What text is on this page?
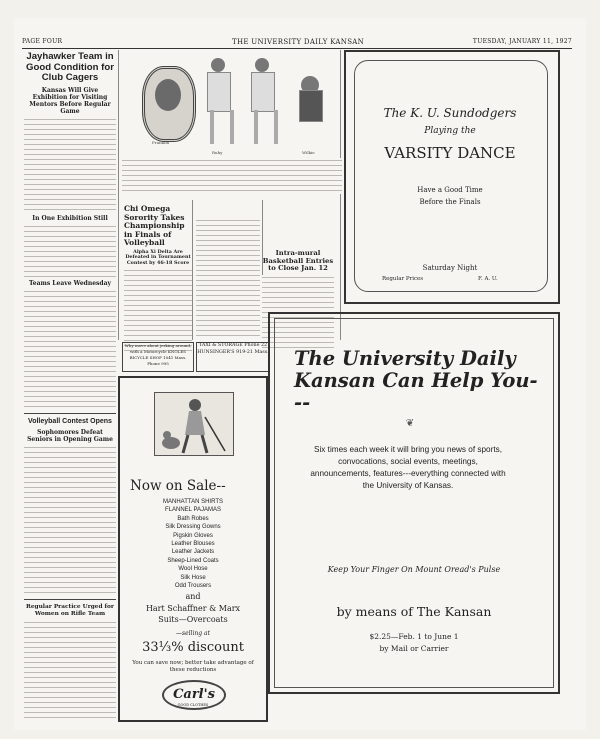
PAGE FOUR	THE UNIVERSITY DAILY KANSAN	TUESDAY, JANUARY 11, 1927
Jayhawker Team in Good Condition for Club Cagers
Kansas Will Give Exhibition for Visiting Mentors Before Regular Game
In One Exhibition Still
Teams Leave Wednesday
Volleyball Contest Opens
Sophomores Defeat Seniors in Opening Game
Regular Practice Urged for Women on Rifle Team
Franklin
Ruby	Wilkie
Chi Omega Sorority Takes Championship in Finals of Volleyball
Alpha Xi Delta Are Defeated in Tournament Contest by 46-18 Score
Intra-mural Basketball Entries to Close Jan. 12
Why move about jerking around, with a Motorcycle KNOLES BICYCLE SHOP 1041 Mass. Phone 995
TAXI & STORAGE Phone 22 HUNSINGER'S 919-21 Mass.
Now on Sale--
MANHATTAN SHIRTS
FLANNEL PAJAMAS
Bath Robes
Silk Dressing Gowns
Pigskin Gloves
Leather Blouses
Leather Jackets
Sheep-Lined Coats
Wool Hose
Silk Hose
Odd Trousers
and
Hart Schaffner & Marx
Suits—Overcoats
—selling at
33⅓% discount
You can save now; better take advantage of these reductions
Carl's
GOOD CLOTHES
The K. U. Sundodgers
Playing the
VARSITY DANCE
Have a Good Time
Before the Finals
Saturday Night
Regular Prices	F. A. U.
The University Daily Kansan Can Help You---
❦
Six times each week it will bring you news of sports, convocations, social events, meetings, announcements, features---everything connected with the University of Kansas.
Keep Your Finger On Mount Oread's Pulse
by means of The Kansan
$2.25—Feb. 1 to June 1
by Mail or Carrier
